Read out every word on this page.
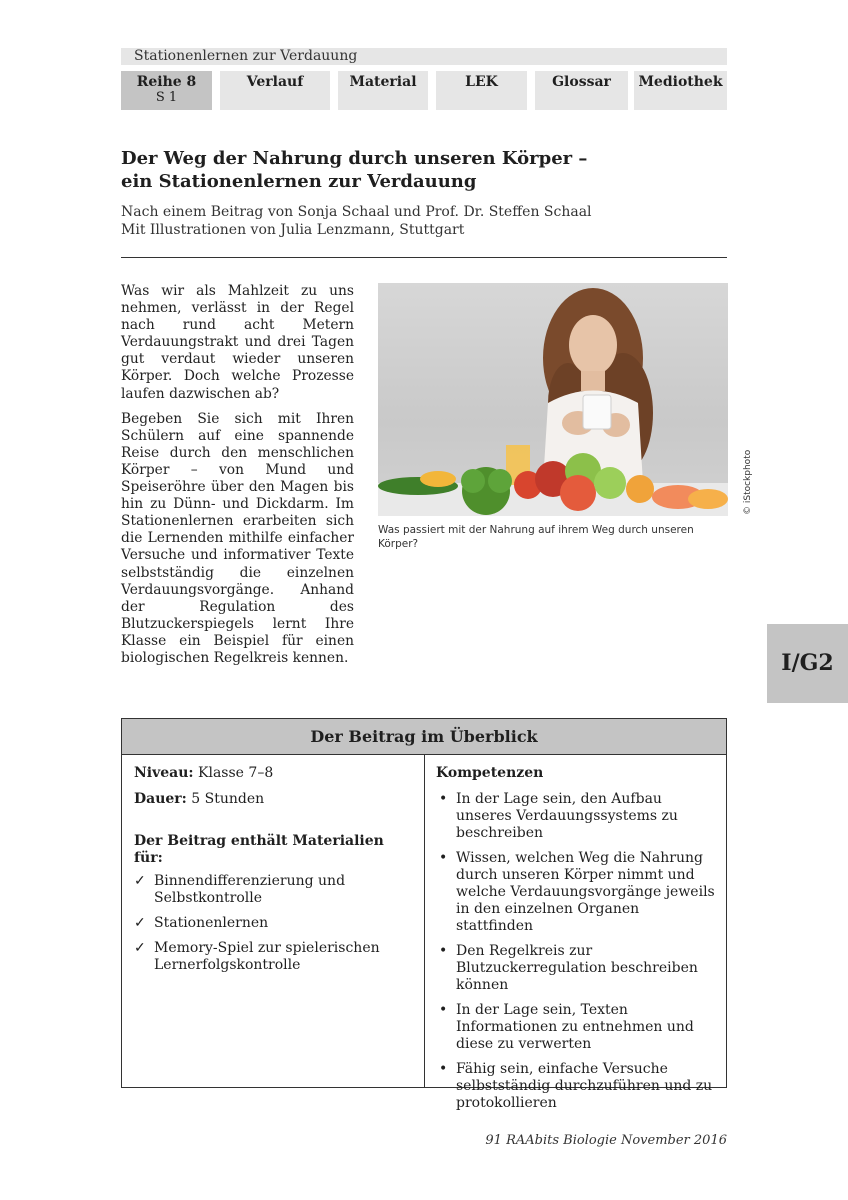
Stationenlernen zur Verdauung
Reihe 8
S 1
Verlauf	Material	LEK	Glossar	Mediothek
Der Weg der Nahrung durch unseren Körper –
ein Stationenlernen zur Verdauung
Nach einem Beitrag von Sonja Schaal und Prof. Dr. Steffen Schaal
Mit Illustrationen von Julia Lenzmann, Stuttgart

Was wir als Mahlzeit zu uns nehmen, verlässt in der Regel nach rund acht Metern Verdauungstrakt und drei Tagen gut verdaut wieder unseren Körper. Doch welche Prozesse laufen dazwischen ab?

Begeben Sie sich mit Ihren Schülern auf eine spannende Reise durch den menschlichen Körper – von Mund und Speiseröhre über den Magen bis hin zu Dünn- und Dickdarm. Im Stationenlernen erarbeiten sich die Lernenden mithilfe einfacher Versuche und informativer Texte selbstständig die einzelnen Verdauungsvorgänge. Anhand der Regulation des Blutzuckerspiegels lernt Ihre Klasse ein Beispiel für einen biologischen Regelkreis kennen.

Was passiert mit der Nahrung auf ihrem Weg durch unseren Körper?
© iStockphoto
I/G2
Der Beitrag im Überblick

Niveau: Klasse 7–8

Dauer: 5 Stunden

Der Beitrag enthält Materialien für:

✓ Binnendifferenzierung und Selbstkontrolle
✓ Stationenlernen
✓ Memory-Spiel zur spielerischen Lernerfolgskontrolle

Kompetenzen

• In der Lage sein, den Aufbau unseres Verdauungssystems zu beschreiben
• Wissen, welchen Weg die Nahrung durch unseren Körper nimmt und welche Verdauungsvorgänge jeweils in den einzelnen Organen stattfinden
• Den Regelkreis zur Blutzuckerregulation beschreiben können
• In der Lage sein, Texten Informationen zu entnehmen und diese zu verwerten
• Fähig sein, einfache Versuche selbstständig durchzuführen und zu protokollieren
91 RAAbits Biologie November 2016
